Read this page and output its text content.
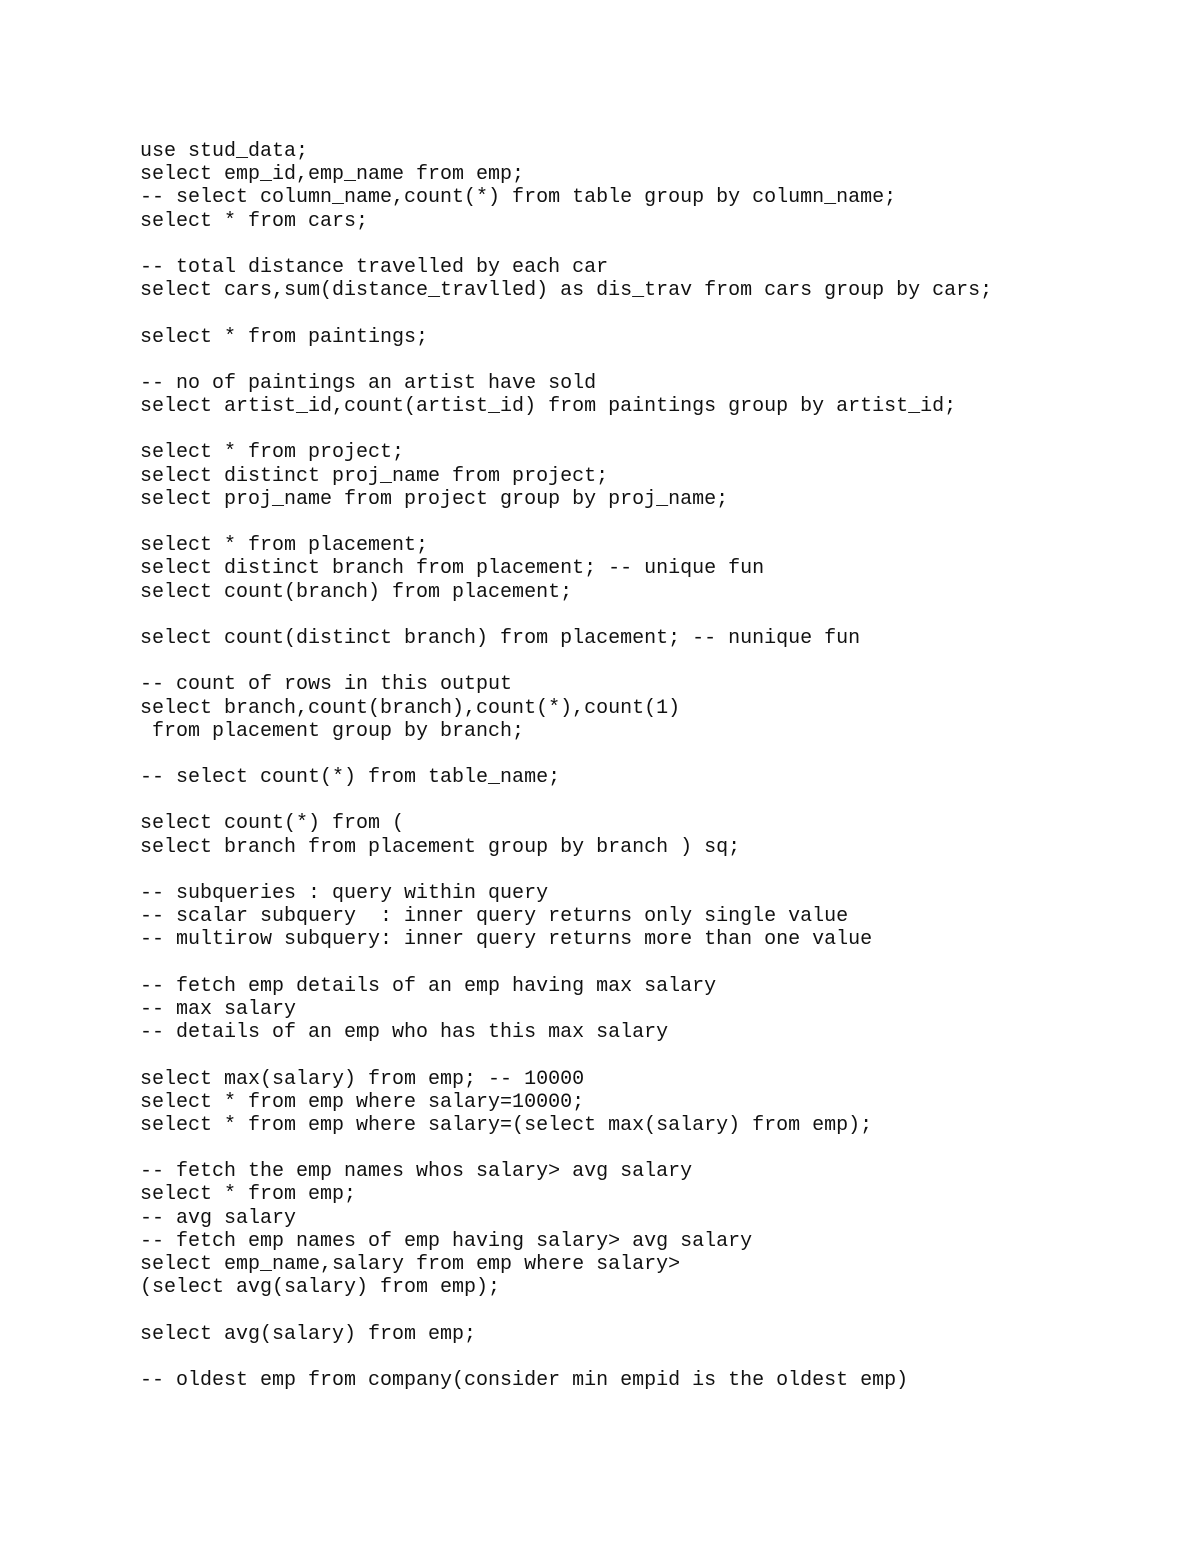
use stud_data;
select emp_id,emp_name from emp;
-- select column_name,count(*) from table group by column_name;
select * from cars;
-- total distance travelled by each car
select cars,sum(distance_travlled) as dis_trav from cars group by cars;
select * from paintings;
-- no of paintings an artist have sold
select artist_id,count(artist_id) from paintings group by artist_id;
select * from project;
select distinct proj_name from project;
select proj_name from project group by proj_name;
select * from placement;
select distinct branch from placement; -- unique fun
select count(branch) from placement;
select count(distinct branch) from placement; -- nunique fun
-- count of rows in this output
select branch,count(branch),count(*),count(1)
from placement group by branch;
-- select count(*) from table_name;
select count(*) from (
select branch from placement group by branch ) sq;
-- subqueries : query within query
-- scalar subquery  : inner query returns only single value
-- multirow subquery: inner query returns more than one value
-- fetch emp details of an emp having max salary
-- max salary
-- details of an emp who has this max salary
select max(salary) from emp; -- 10000
select * from emp where salary=10000;
select * from emp where salary=(select max(salary) from emp);
-- fetch the emp names whos salary> avg salary
select * from emp;
-- avg salary
-- fetch emp names of emp having salary> avg salary
select emp_name,salary from emp where salary>
(select avg(salary) from emp);
select avg(salary) from emp;
-- oldest emp from company(consider min empid is the oldest emp)
